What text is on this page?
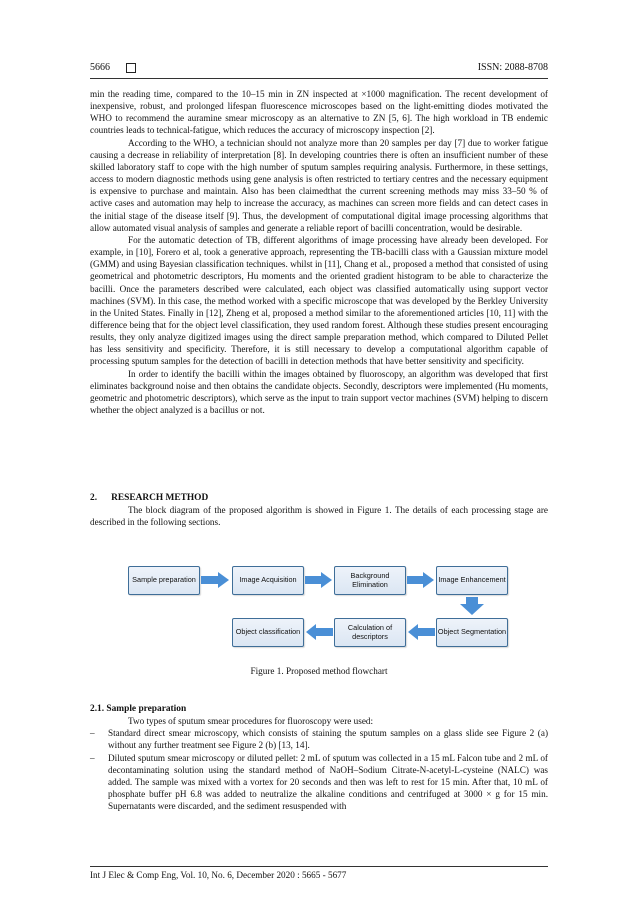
5666	ISSN: 2088-8708

min the reading time, compared to the 10–15 min in ZN inspected at ×1000 magnification. The recent development of inexpensive, robust, and prolonged lifespan fluorescence microscopes based on the light-emitting diodes motivated the WHO to recommend the auramine smear microscopy as an alternative to ZN [5, 6]. The high workload in TB endemic countries leads to technical-fatigue, which reduces the accuracy of microscopy inspection [2].

According to the WHO, a technician should not analyze more than 20 samples per day [7] due to worker fatigue causing a decrease in reliability of interpretation [8]. In developing countries there is often an insufficient number of these skilled laboratory staff to cope with the high number of sputum samples requiring analysis. Furthermore, in these settings, access to modern diagnostic methods using gene analysis is often restricted to tertiary centres and the necessary equipment is expensive to purchase and maintain. Also has been claimedthat the current screening methods may miss 33–50 % of active cases and automation may help to increase the accuracy, as machines can screen more fields and can detect cases in the initial stage of the disease itself [9]. Thus, the development of computational digital image processing algorithms that allow automated visual analysis of samples and generate a reliable report of bacilli concentration, would be desirable.

For the automatic detection of TB, different algorithms of image processing have already been developed. For example, in [10], Forero et al, took a generative approach, representing the TB-bacilli class with a Gaussian mixture model (GMM) and using Bayesian classification techniques. whilst in [11], Chang et al., proposed a method that consisted of using geometrical and photometric descriptors, Hu moments and the oriented gradient histogram to be able to characterize the bacilli. Once the parameters described were calculated, each object was classified automatically using support vector machines (SVM). In this case, the method worked with a specific microscope that was developed by the Berkley University in the United States. Finally in [12], Zheng et al, proposed a method similar to the aforementioned articles [10, 11] with the difference being that for the object level classification, they used random forest. Although these studies present encouraging results, they only analyze digitized images using the direct sample preparation method, which compared to Diluted Pellet has less sensitivity and specificity. Therefore, it is still necessary to develop a computational algorithm capable of processing sputum samples for the detection of bacilli in detection methods that have better sensitivity and specificity.

In order to identify the bacilli within the images obtained by fluoroscopy, an algorithm was developed that first eliminates background noise and then obtains the candidate objects. Secondly, descriptors were implemented (Hu moments, geometric and photometric descriptors), which serve as the input to train support vector machines (SVM) helping to discern whether the object analyzed is a bacillus or not.

2.      RESEARCH METHOD

The block diagram of the proposed algorithm is showed in Figure 1. The details of each processing stage are described in the following sections.

Sample preparation	Image Acquisition	Background Elimination	Image Enhancement
Object Segmentation
Calculation of descriptors
Object classification
Figure 1. Proposed method flowchart
2.1. Sample preparation

Two types of sputum smear procedures for fluoroscopy were used:

– Standard direct smear microscopy, which consists of staining the sputum samples on a glass slide see Figure 2 (a) without any further treatment see Figure 2 (b) [13, 14].
– Diluted sputum smear microscopy or diluted pellet: 2 mL of sputum was collected in a 15 mL Falcon tube and 2 mL of decontaminating solution using the standard method of NaOH–Sodium Citrate-N-acetyl-L-cysteine (NALC) was added. The sample was mixed with a vortex for 20 seconds and then was left to rest for 15 min. After that, 10 mL of phosphate buffer pH 6.8 was added to neutralize the alkaline conditions and centrifuged at 3000 × g for 15 min. Supernatants were discarded, and the sediment resuspended with
Int J Elec & Comp Eng, Vol. 10, No. 6, December 2020 : 5665 - 5677
